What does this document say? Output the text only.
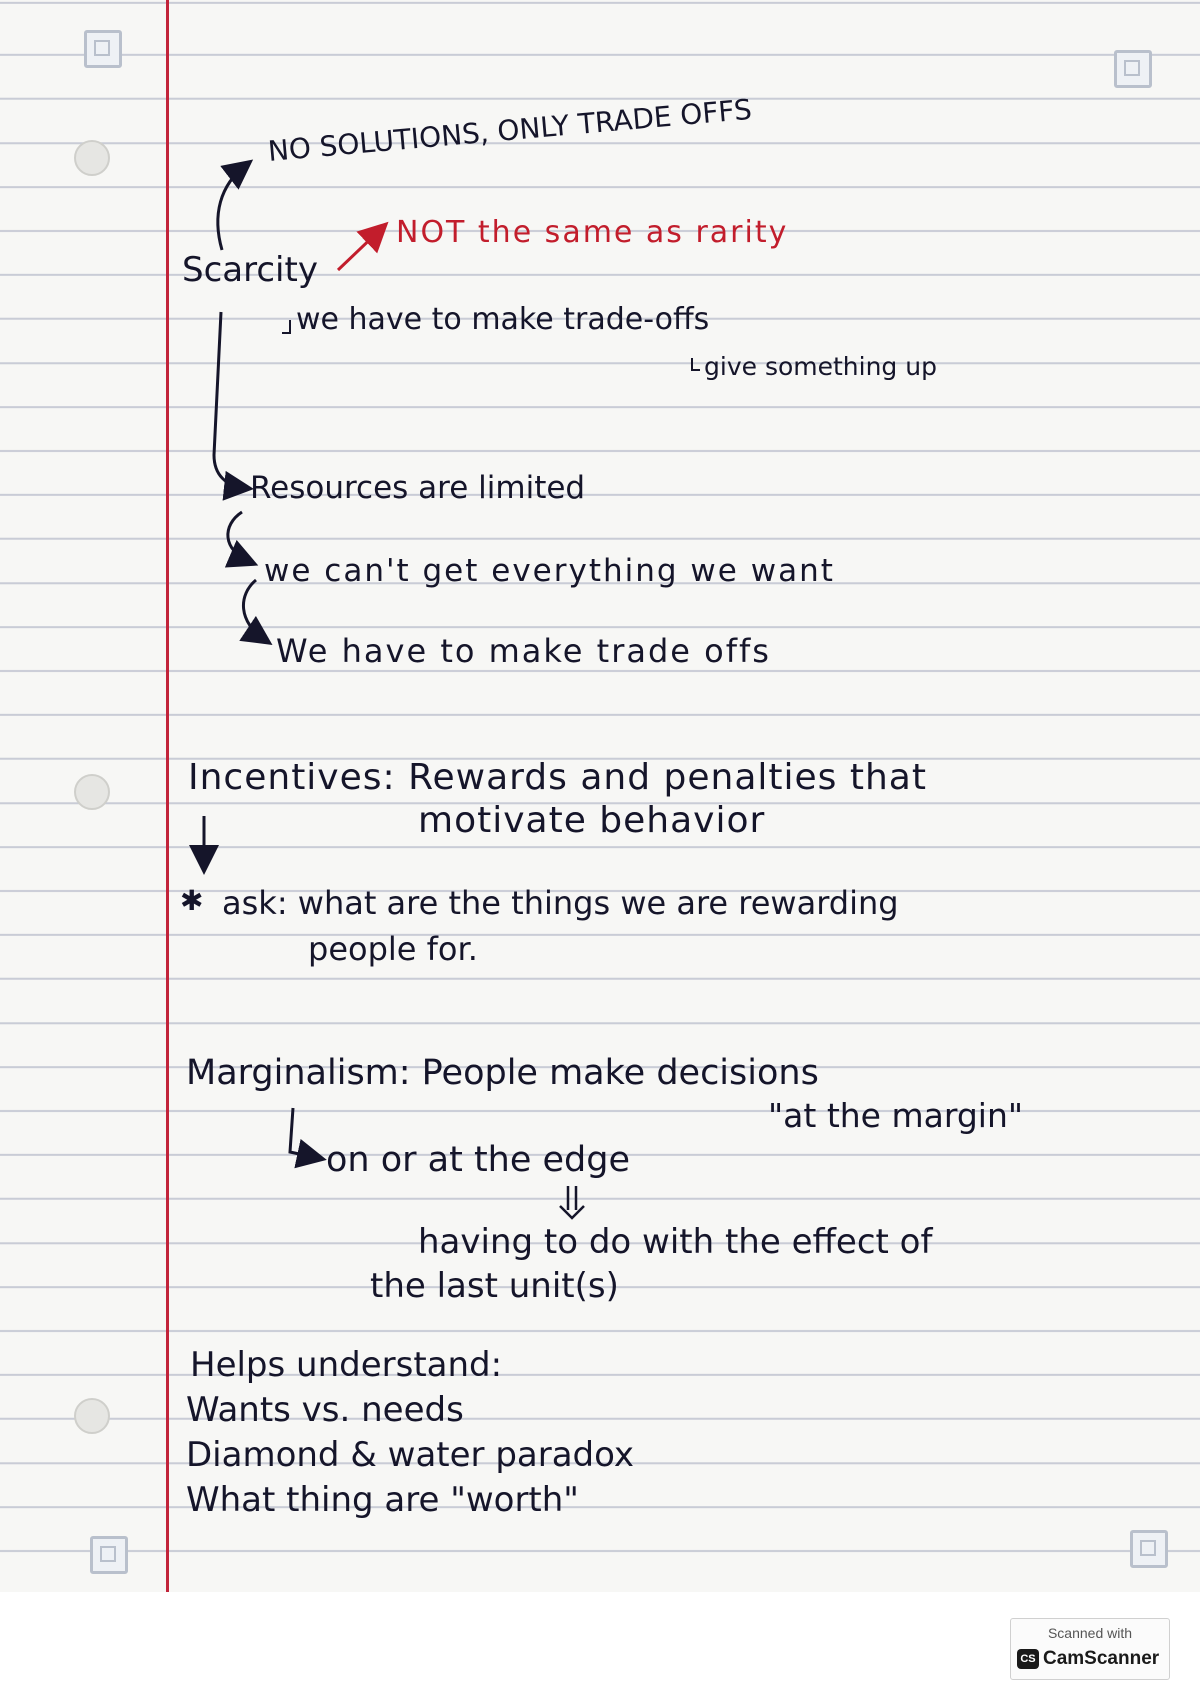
NO SOLUTIONS, ONLY TRADE OFFS
NOT the same as rarity
Scarcity
we have to make trade-offs
give something up
Resources are limited
we can't get everything we want
We have to make trade offs
Incentives: Rewards and penalties that
motivate behavior
✱ ask: what are the things we are rewarding
people for.
Marginalism: People make decisions
"at the margin"
on or at the edge
having to do with the effect of
the last unit(s)
Helps understand:
Wants vs. needs
Diamond & water paradox
What thing are "worth"
Scanned with
CS CamScanner
